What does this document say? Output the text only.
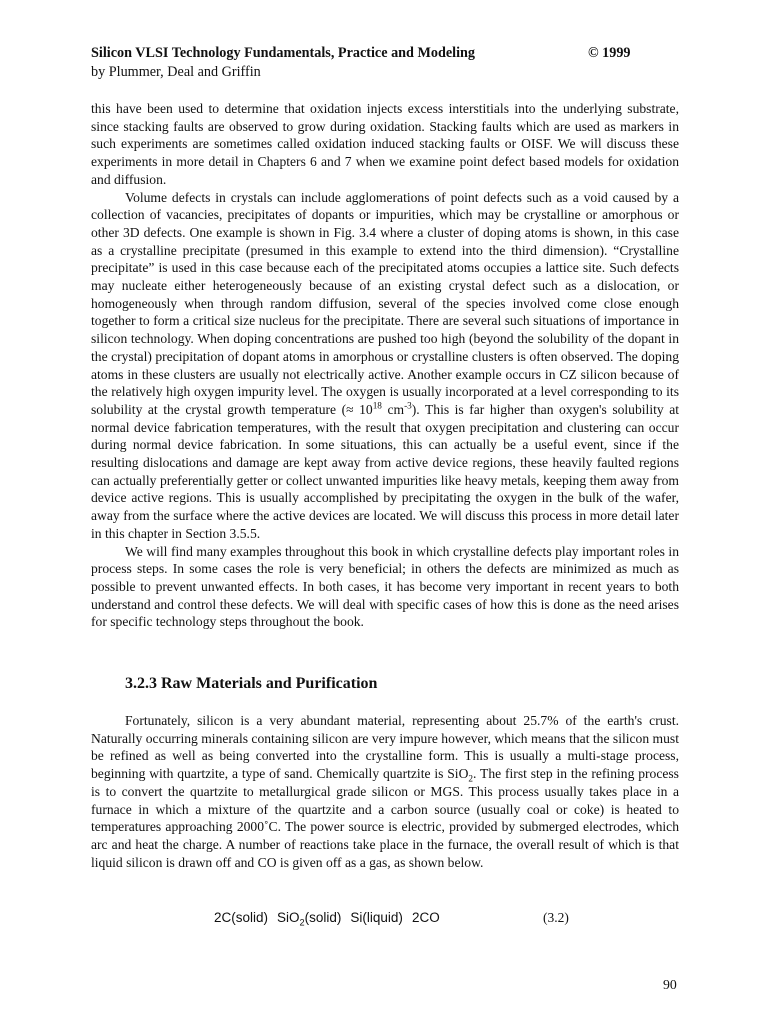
Silicon VLSI Technology Fundamentals, Practice and Modeling	© 1999
by Plummer, Deal and Griffin

this have been used to determine that oxidation injects excess interstitials into the underlying substrate, since stacking faults are observed to grow during oxidation. Stacking faults which are used as markers in such experiments are sometimes called oxidation induced stacking faults or OISF. We will discuss these experiments in more detail in Chapters 6 and 7 when we examine point defect based models for oxidation and diffusion.

Volume defects in crystals can include agglomerations of point defects such as a void caused by a collection of vacancies, precipitates of dopants or impurities, which may be crystalline or amorphous or other 3D defects. One example is shown in Fig. 3.4 where a cluster of doping atoms is shown, in this case as a crystalline precipitate (presumed in this example to extend into the third dimension). “Crystalline precipitate” is used in this case because each of the precipitated atoms occupies a lattice site. Such defects may nucleate either heterogeneously because of an existing crystal defect such as a dislocation, or homogeneously when through random diffusion, several of the species involved come close enough together to form a critical size nucleus for the precipitate. There are several such situations of importance in silicon technology. When doping concentrations are pushed too high (beyond the solubility of the dopant in the crystal) precipitation of dopant atoms in amorphous or crystalline clusters is often observed. The doping atoms in these clusters are usually not electrically active. Another example occurs in CZ silicon because of the relatively high oxygen impurity level. The oxygen is usually incorporated at a level corresponding to its solubility at the crystal growth temperature (≈ $10^{18}$ $cm^{-3}$). This is far higher than oxygen's solubility at normal device fabrication temperatures, with the result that oxygen precipitation and clustering can occur during normal device fabrication. In some situations, this can actually be a useful event, since if the resulting dislocations and damage are kept away from active device regions, these heavily faulted regions can actually preferentially getter or collect unwanted impurities like heavy metals, keeping them away from device active regions. This is usually accomplished by precipitating the oxygen in the bulk of the wafer, away from the surface where the active devices are located. We will discuss this process in more detail later in this chapter in Section 3.5.5.

We will find many examples throughout this book in which crystalline defects play important roles in process steps. In some cases the role is very beneficial; in others the defects are minimized as much as possible to prevent unwanted effects. In both cases, it has become very important in recent years to both understand and control these defects. We will deal with specific cases of how this is done as the need arises for specific technology steps throughout the book.

3.2.3 Raw Materials and Purification

Fortunately, silicon is a very abundant material, representing about 25.7% of the earth's crust. Naturally occurring minerals containing silicon are very impure however, which means that the silicon must be refined as well as being converted into the crystalline form. This is usually a multi-stage process, beginning with quartzite, a type of sand. Chemically quartzite is SiO$_2$. The first step in the refining process is to convert the quartzite to metallurgical grade silicon or MGS. This process usually takes place in a furnace in which a mixture of the quartzite and a carbon source (usually coal or coke) is heated to temperatures approaching 2000˚C. The power source is electric, provided by submerged electrodes, which arc and heat the charge. A number of reactions take place in the furnace, the overall result of which is that liquid silicon is drawn off and CO is given off as a gas, as shown below.

2C(solid) SiO$_2$(solid) Si(liquid) 2CO	(3.2)
90
